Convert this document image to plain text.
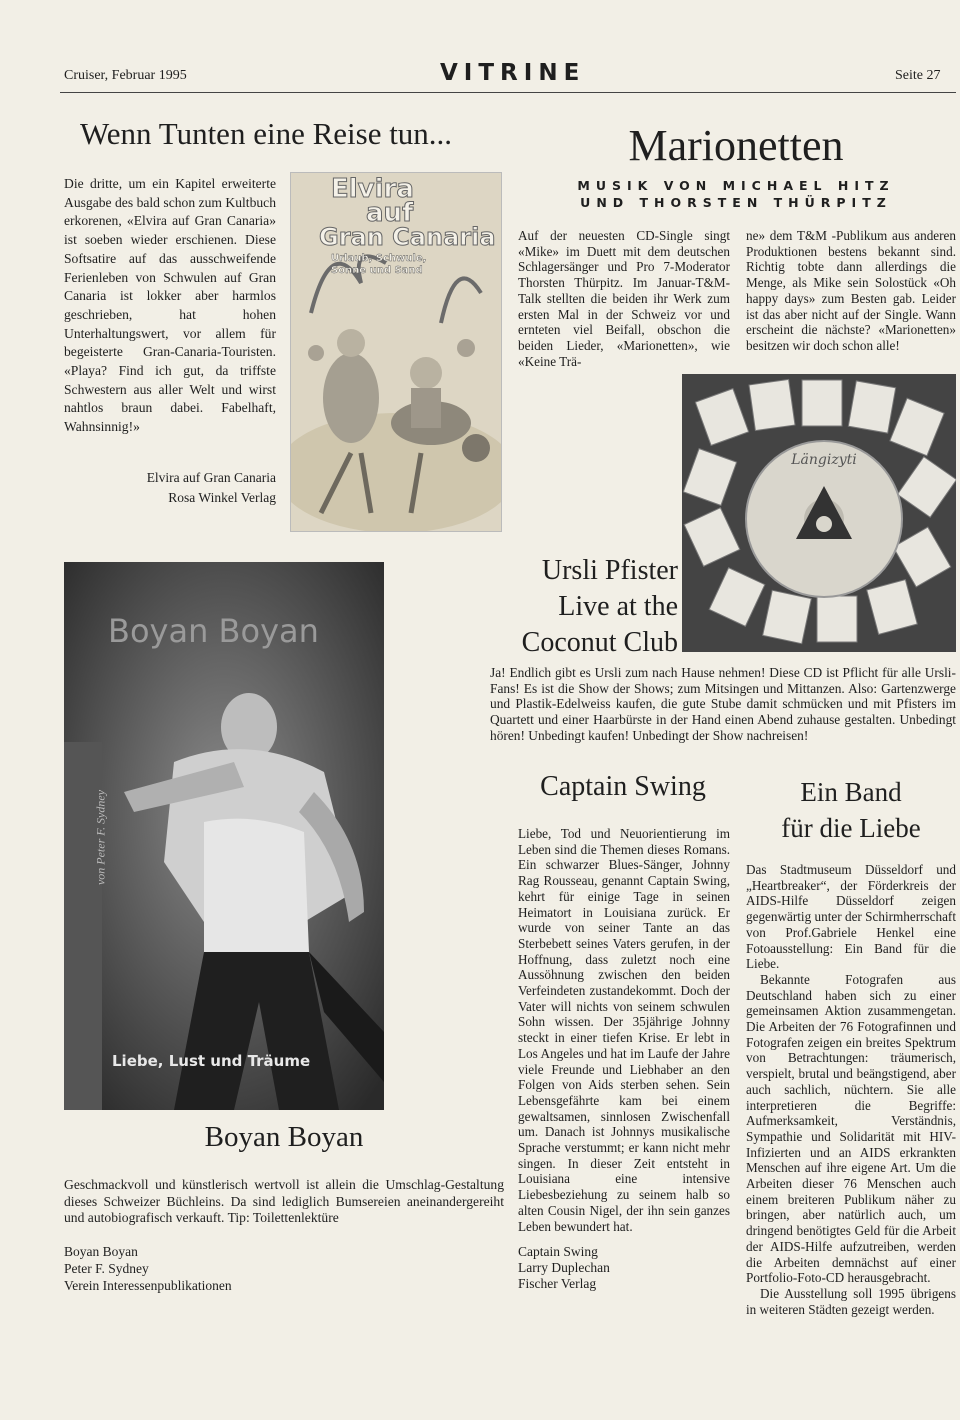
Cruiser, Februar 1995	VITRINE	Seite 27
Wenn Tunten eine Reise tun...
Die dritte, um ein Kapitel erweiterte Ausgabe des bald schon zum Kultbuch erkorenen, «Elvira auf Gran Canaria» ist soeben wieder erschienen. Diese Softsatire auf das ausschweifende Ferienleben von Schwulen auf Gran Canaria ist lokker aber harmlos geschrieben, hat hohen Unterhaltungswert, vor allem für begeisterte Gran-Canaria-Touristen. «Playa? Find ich gut, da triffste Schwestern aus aller Welt und wirst nahtlos braun dabei. Fabelhaft, Wahnsinnig!»
Elvira auf Gran Canaria
Rosa Winkel Verlag
Elvira
auf
Gran Canaria
Urlaub, Schwule, Sonne und Sand
Marionetten
MUSIK VON MICHAEL HITZ
UND THORSTEN THÜRPITZ
Auf der neuesten CD-Single singt «Mike» im Duett mit dem deutschen Schlagersänger und Pro 7-Moderator Thorsten Thürpitz. Im Januar-T&M-Talk stellten die beiden ihr Werk zum ersten Mal in der Schweiz vor und ernteten viel Beifall, obschon die beiden Lieder, «Marionetten», wie «Keine Trä-
ne» dem T&M -Publikum aus anderen Produktionen bestens bekannt sind. Richtig tobte dann allerdings die Menge, als Mike sein Solostück «Oh happy days» zum Besten gab. Leider ist das aber nicht auf der Single. Wann erscheint die nächste? «Marionetten» besitzen wir doch schon alle!
Längizyti
Ursli Pfister
Live at the
Coconut Club
Ja! Endlich gibt es Ursli zum nach Hause nehmen! Diese CD ist Pflicht für alle Ursli-Fans! Es ist die Show der Shows; zum Mitsingen und Mittanzen. Also: Gartenzwerge und Plastik-Edelweiss kaufen, die gute Stube damit schmücken und mit Pfisters im Quartett und einer Haarbürste in der Hand einen Abend zuhause gestalten. Unbedingt hören! Unbedingt kaufen! Unbedingt der Show nachreisen!
Boyan Boyan
von Peter F. Sydney
Liebe, Lust und Träume
Boyan Boyan
Geschmackvoll und künstlerisch wertvoll ist allein die Umschlag-Gestaltung dieses Schweizer Büchleins. Da sind lediglich Bumsereien aneinandergereiht und autobiografisch verkauft. Tip: Toilettenlektüre
Boyan Boyan
Peter F. Sydney
Verein Interessenpublikationen
Captain Swing
Liebe, Tod und Neuorientierung im Leben sind die Themen dieses Romans. Ein schwarzer Blues-Sänger, Johnny Rag Rousseau, genannt Captain Swing, kehrt für einige Tage in seinen Heimatort in Louisiana zurück. Er wurde von seiner Tante an das Sterbebett seines Vaters gerufen, in der Hoffnung, dass zuletzt noch eine Aussöhnung zwischen den beiden Verfeindeten zustandekommt. Doch der Vater will nichts von seinem schwulen Sohn wissen. Der 35jährige Johnny steckt in einer tiefen Krise. Er lebt in Los Angeles und hat im Laufe der Jahre viele Freunde und Liebhaber an den Folgen von Aids sterben sehen. Sein Lebensgefährte kam bei einem gewaltsamen, sinnlosen Zwischenfall um. Danach ist Johnnys musikalische Sprache verstummt; er kann nicht mehr singen. In dieser Zeit entsteht in Louisiana eine intensive Liebesbeziehung zu seinem halb so alten Cousin Nigel, der ihn sein ganzes Leben bewundert hat.
Captain Swing
Larry Duplechan
Fischer Verlag
Ein Band
für die Liebe

Das Stadtmuseum Düsseldorf und „Heartbreaker“, der Förderkreis der AIDS-Hilfe Düsseldorf zeigen gegenwärtig unter der Schirmherrschaft von Prof.Gabriele Henkel eine Fotoausstellung: Ein Band für die Liebe.

Bekannte Fotografen aus Deutschland haben sich zu einer gemeinsamen Aktion zusammengetan. Die Arbeiten der 76 Fotografinnen und Fotografen zeigen ein breites Spektrum von Betrachtungen: träumerisch, verspielt, brutal und beängstigend, aber auch sachlich, nüchtern. Sie alle interpretieren die Begriffe: Aufmerksamkeit, Verständnis, Sympathie und Solidarität mit HIV-Infizierten und an AIDS erkrankten Menschen auf ihre eigene Art. Um die Arbeiten dieser 76 Menschen auch einem breiteren Publikum näher zu bringen, aber natürlich auch, um dringend benötigtes Geld für die Arbeit der AIDS-Hilfe aufzutreiben, werden die Arbeiten demnächst auf einer Portfolio-Foto-CD herausgebracht.

Die Ausstellung soll 1995 übrigens in weiteren Städten gezeigt werden.
